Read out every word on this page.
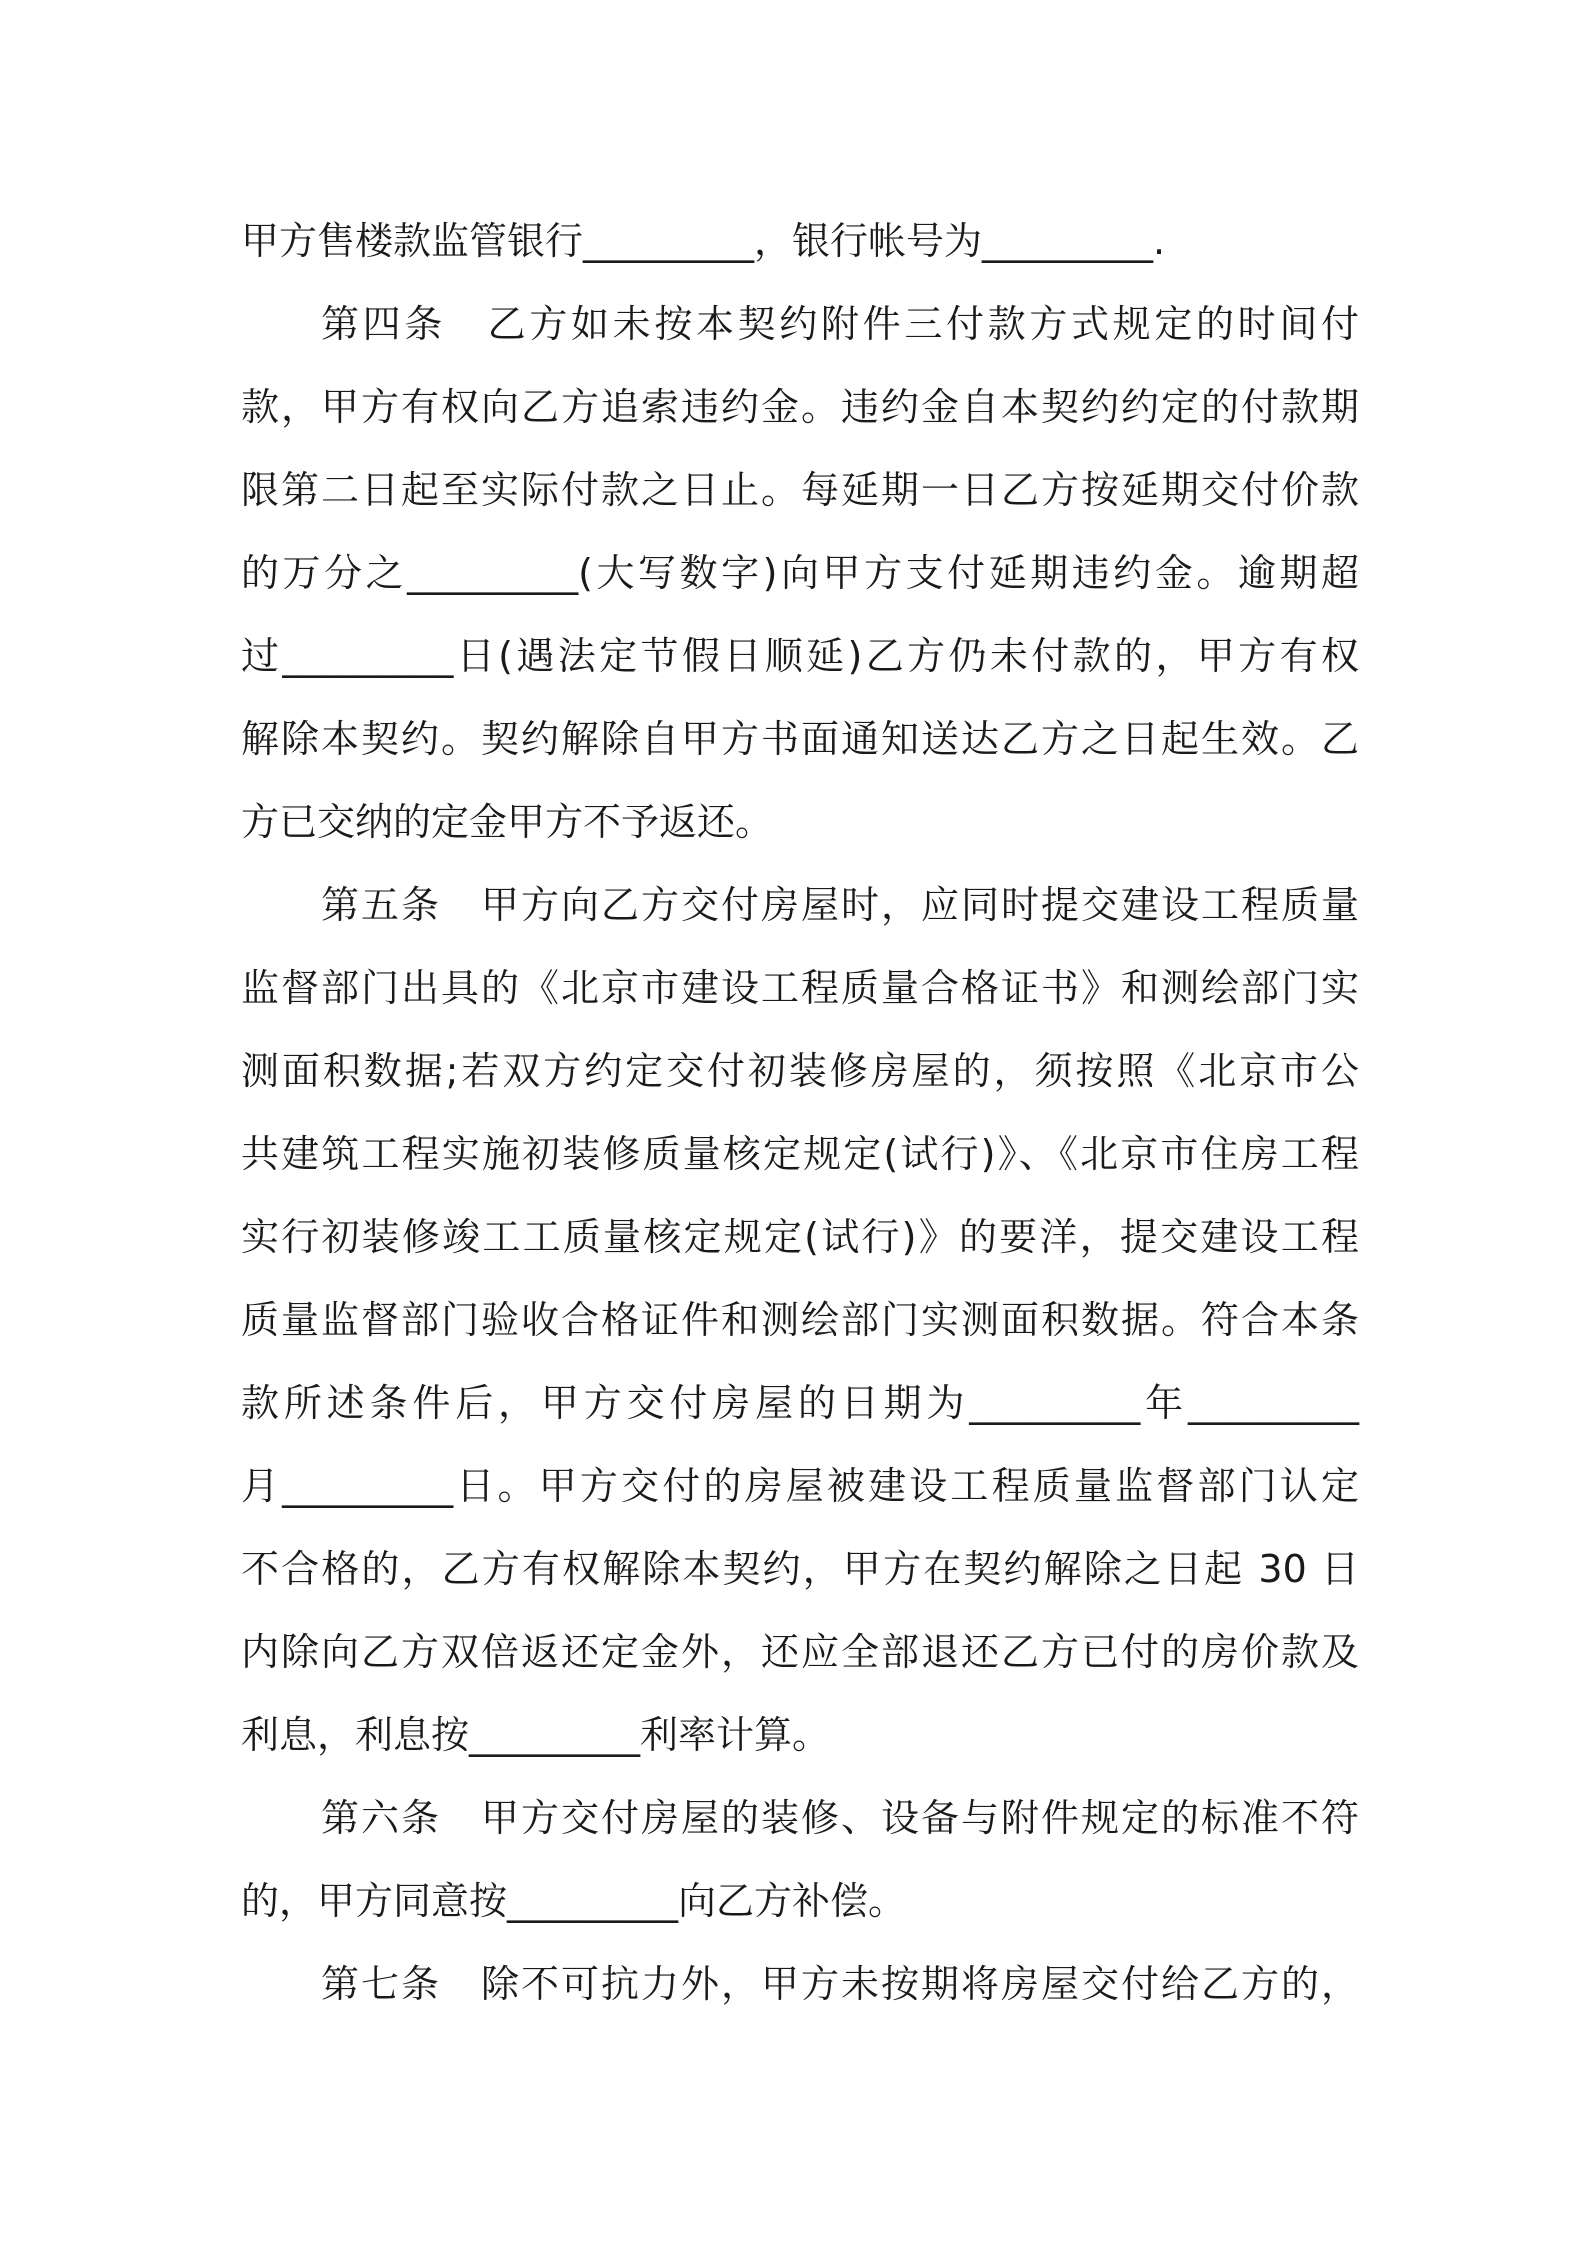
甲方售楼款监管银行_________，银行帐号为_________.
第四条　乙方如未按本契约附件三付款方式规定的时间付
款，甲方有权向乙方追索违约金。违约金自本契约约定的付款期
限第二日起至实际付款之日止。每延期一日乙方按延期交付价款
的万分之_________(大写数字)向甲方支付延期违约金。逾期超
过_________日(遇法定节假日顺延)乙方仍未付款的，甲方有权
解除本契约。契约解除自甲方书面通知送达乙方之日起生效。乙
方已交纳的定金甲方不予返还。
第五条　甲方向乙方交付房屋时，应同时提交建设工程质量
监督部门出具的《北京市建设工程质量合格证书》和测绘部门实
测面积数据;若双方约定交付初装修房屋的，须按照《北京市公
共建筑工程实施初装修质量核定规定(试行)》、《北京市住房工程
实行初装修竣工工质量核定规定(试行)》的要洋，提交建设工程
质量监督部门验收合格证件和测绘部门实测面积数据。符合本条
款所述条件后，甲方交付房屋的日期为_________年_________
月_________日。甲方交付的房屋被建设工程质量监督部门认定
不合格的，乙方有权解除本契约，甲方在契约解除之日起 30 日
内除向乙方双倍返还定金外，还应全部退还乙方已付的房价款及
利息，利息按_________利率计算。
第六条　甲方交付房屋的装修、设备与附件规定的标准不符
的，甲方同意按_________向乙方补偿。
第七条　除不可抗力外，甲方未按期将房屋交付给乙方的，
